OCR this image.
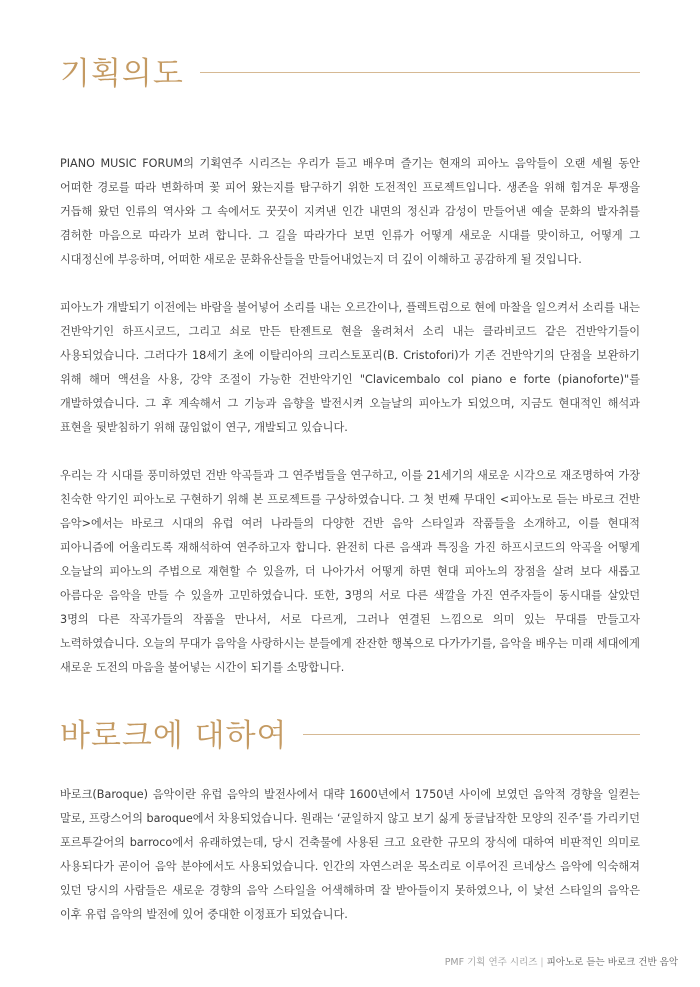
기획의도

PIANO MUSIC FORUM의 기획연주 시리즈는 우리가 듣고 배우며 즐기는 현재의 피아노 음악들이 오랜 세월 동안 어떠한 경로를 따라 변화하며 꽃 피어 왔는지를 탐구하기 위한 도전적인 프로젝트입니다. 생존을 위해 힘겨운 투쟁을 거듭해 왔던 인류의 역사와 그 속에서도 꿋꿋이 지켜낸 인간 내면의 정신과 감성이 만들어낸 예술 문화의 발자취를 겸허한 마음으로 따라가 보려 합니다. 그 길을 따라가다 보면 인류가 어떻게 새로운 시대를 맞이하고, 어떻게 그 시대정신에 부응하며, 어떠한 새로운 문화유산들을 만들어내었는지 더 깊이 이해하고 공감하게 될 것입니다.

피아노가 개발되기 이전에는 바람을 불어넣어 소리를 내는 오르간이나, 플렉트럼으로 현에 마찰을 일으켜서 소리를 내는 건반악기인 하프시코드, 그리고 쇠로 만든 탄젠트로 현을 울려쳐서 소리 내는 클라비코드 같은 건반악기들이 사용되었습니다. 그러다가 18세기 초에 이탈리아의 크리스토포리(B. Cristofori)가 기존 건반악기의 단점을 보완하기 위해 해머 액션을 사용, 강약 조절이 가능한 건반악기인 "Clavicembalo col piano e forte (pianoforte)"를 개발하였습니다. 그 후 계속해서 그 기능과 음향을 발전시켜 오늘날의 피아노가 되었으며, 지금도 현대적인 해석과 표현을 뒷받침하기 위해 끊임없이 연구, 개발되고 있습니다.

우리는 각 시대를 풍미하였던 건반 악곡들과 그 연주법들을 연구하고, 이를 21세기의 새로운 시각으로 재조명하여 가장 친숙한 악기인 피아노로 구현하기 위해 본 프로젝트를 구상하였습니다. 그 첫 번째 무대인 <피아노로 듣는 바로크 건반 음악>에서는 바로크 시대의 유럽 여러 나라들의 다양한 건반 음악 스타일과 작품들을 소개하고, 이를 현대적 피아니즘에 어울리도록 재해석하여 연주하고자 합니다. 완전히 다른 음색과 특징을 가진 하프시코드의 악곡을 어떻게 오늘날의 피아노의 주법으로 재현할 수 있을까, 더 나아가서 어떻게 하면 현대 피아노의 장점을 살려 보다 새롭고 아름다운 음악을 만들 수 있을까 고민하였습니다. 또한, 3명의 서로 다른 색깔을 가진 연주자들이 동시대를 살았던 3명의 다른 작곡가들의 작품을 만나서, 서로 다르게, 그러나 연결된 느낌으로 의미 있는 무대를 만들고자 노력하였습니다. 오늘의 무대가 음악을 사랑하시는 분들에게 잔잔한 행복으로 다가가기를, 음악을 배우는 미래 세대에게 새로운 도전의 마음을 불어넣는 시간이 되기를 소망합니다.

바로크에 대하여

바로크(Baroque) 음악이란 유럽 음악의 발전사에서 대략 1600년에서 1750년 사이에 보였던 음악적 경향을 일컫는 말로, 프랑스어의 baroque에서 차용되었습니다. 원래는 ‘균일하지 않고 보기 싫게 둥글납작한 모양의 진주’를 가리키던 포르투갈어의 barroco에서 유래하였는데, 당시 건축물에 사용된 크고 요란한 규모의 장식에 대하여 비판적인 의미로 사용되다가 곧이어 음악 분야에서도 사용되었습니다. 인간의 자연스러운 목소리로 이루어진 르네상스 음악에 익숙해져 있던 당시의 사람들은 새로운 경향의 음악 스타일을 어색해하며 잘 받아들이지 못하였으나, 이 낯선 스타일의 음악은 이후 유럽 음악의 발전에 있어 중대한 이정표가 되었습니다.

PMF 기획 연주 시리즈 | 피아노로 듣는 바로크 건반 음악
